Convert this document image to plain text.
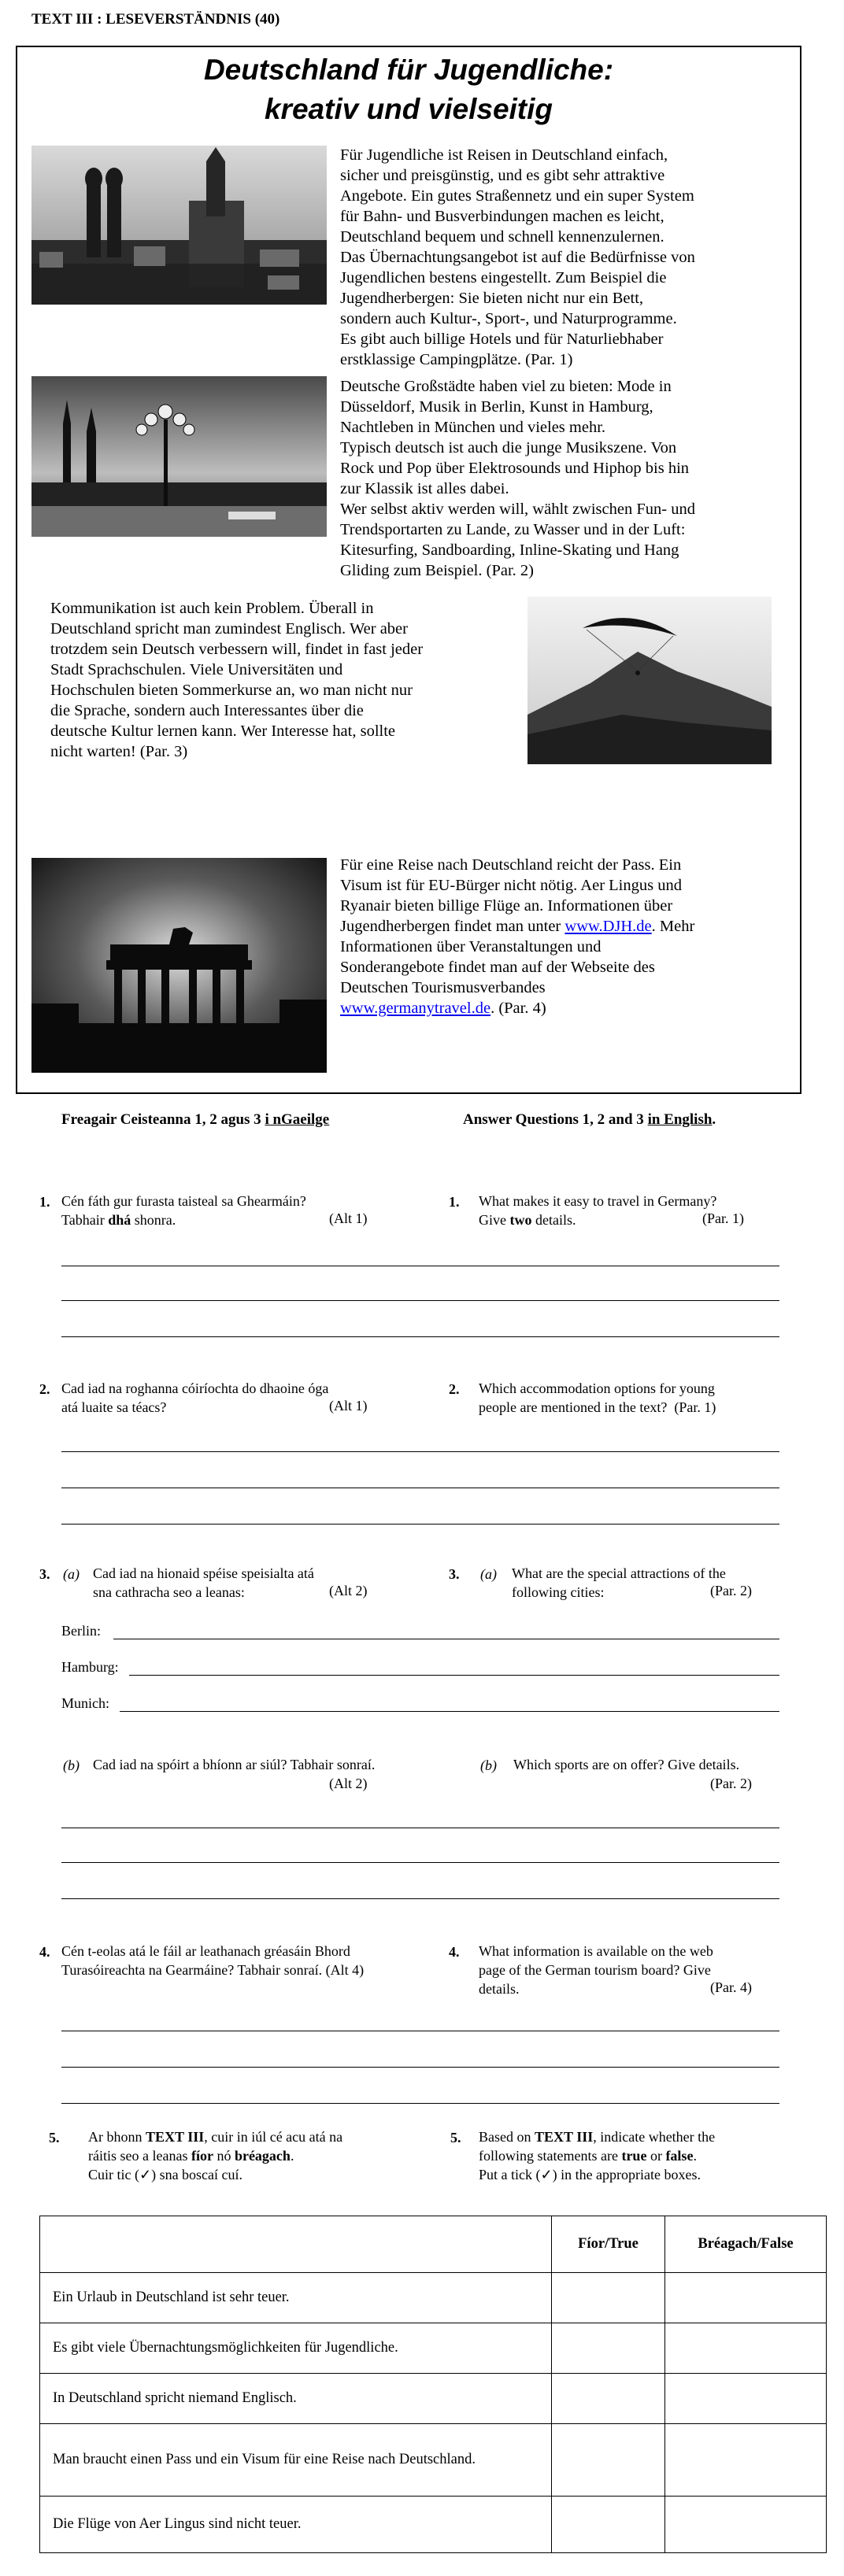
TEXT III : LESEVERSTÄNDNIS (40)
Deutschland für Jugendliche:
kreativ und vielseitig
Für Jugendliche ist Reisen in Deutschland einfach,
sicher und preisgünstig, und es gibt sehr attraktive
Angebote. Ein gutes Straßennetz und ein super System
für Bahn- und Busverbindungen machen es leicht,
Deutschland bequem und schnell kennenzulernen.
Das Übernachtungsangebot ist auf die Bedürfnisse von
Jugendlichen bestens eingestellt. Zum Beispiel die
Jugendherbergen: Sie bieten nicht nur ein Bett,
sondern auch Kultur-, Sport-, und Naturprogramme.
Es gibt auch billige Hotels und für Naturliebhaber
erstklassige Campingplätze. (Par. 1)
Deutsche Großstädte haben viel zu bieten: Mode in
Düsseldorf, Musik in Berlin, Kunst in Hamburg,
Nachtleben in München und vieles mehr.
Typisch deutsch ist auch die junge Musikszene. Von
Rock und Pop über Elektrosounds und Hiphop bis hin
zur Klassik ist alles dabei.
Wer selbst aktiv werden will, wählt zwischen Fun- und
Trendsportarten zu Lande, zu Wasser und in der Luft:
Kitesurfing, Sandboarding, Inline-Skating und Hang
Gliding zum Beispiel. (Par. 2)
Kommunikation ist auch kein Problem. Überall in
Deutschland spricht man zumindest Englisch. Wer aber
trotzdem sein Deutsch verbessern will, findet in fast jeder
Stadt Sprachschulen. Viele Universitäten und
Hochschulen bieten Sommerkurse an, wo man nicht nur
die Sprache, sondern auch Interessantes über die
deutsche Kultur lernen kann. Wer Interesse hat, sollte
nicht warten! (Par. 3)
Für eine Reise nach Deutschland reicht der Pass. Ein
Visum ist für EU-Bürger nicht nötig. Aer Lingus und
Ryanair bieten billige Flüge an. Informationen über
Jugendherbergen findet man unter www.DJH.de. Mehr
Informationen über Veranstaltungen und
Sonderangebote findet man auf der Webseite des
Deutschen Tourismusverbandes
www.germanytravel.de. (Par. 4)
Freagair Ceisteanna 1, 2 agus 3 i nGaeilge	Answer Questions 1, 2 and 3 in English.
1. Cén fáth gur furasta taisteal sa Ghearmáin?
Tabhair dhá shonra.	(Alt 1)
1. What makes it easy to travel in Germany?
Give two details.	(Par. 1)
2. Cad iad na roghanna cóiríochta do dhaoine óga
atá luaite sa téacs?	(Alt 1)
2. Which accommodation options for young
people are mentioned in the text? (Par. 1)
3. (a) Cad iad na hionaid spéise speisialta atá
sna cathracha seo a leanas:	(Alt 2)
3. (a) What are the special attractions of the
following cities:	(Par. 2)
Berlin:
Hamburg:
Munich:
(b) Cad iad na spóirt a bhíonn ar siúl? Tabhair sonraí.
(Alt 2)
(b) Which sports are on offer? Give details.
(Par. 2)
4. Cén t-eolas atá le fáil ar leathanach gréasáin Bhord
Turasóireachta na Gearmáine? Tabhair sonraí. (Alt 4)
4. What information is available on the web
page of the German tourism board? Give
details.	(Par. 4)
5. Ar bhonn TEXT III, cuir in iúl cé acu atá na
ráitis seo a leanas fíor nó bréagach.
Cuir tic (✓) sna boscaí cuí.
5. Based on TEXT III, indicate whether the
following statements are true or false.
Put a tick (✓) in the appropriate boxes.
	Fíor/True	Bréagach/False
Ein Urlaub in Deutschland ist sehr teuer.		
Es gibt viele Übernachtungsmöglichkeiten für Jugendliche.		
In Deutschland spricht niemand Englisch.		
Man braucht einen Pass und ein Visum für eine Reise nach Deutschland.		
Die Flüge von Aer Lingus sind nicht teuer.		
